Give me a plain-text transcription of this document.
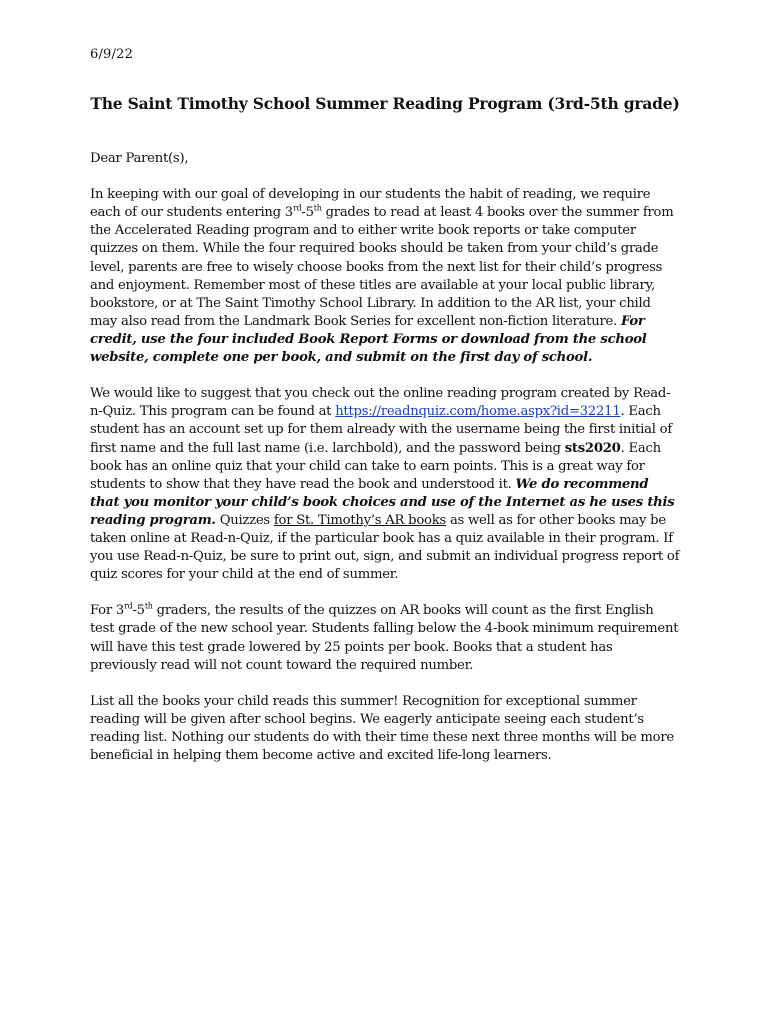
6/9/22
The Saint Timothy School Summer Reading Program (3rd-5th grade)

Dear Parent(s),

In keeping with our goal of developing in our students the habit of reading, we require each of our students entering 3rd-5th grades to read at least 4 books over the summer from the Accelerated Reading program and to either write book reports or take computer quizzes on them. While the four required books should be taken from your child’s grade level, parents are free to wisely choose books from the next list for their child’s progress and enjoyment. Remember most of these titles are available at your local public library, bookstore, or at The Saint Timothy School Library. In addition to the AR list, your child may also read from the Landmark Book Series for excellent non-fiction literature. For credit, use the four included Book Report Forms or download from the school website, complete one per book, and submit on the first day of school.

We would like to suggest that you check out the online reading program created by Read-n-Quiz. This program can be found at https://readnquiz.com/home.aspx?id=32211. Each student has an account set up for them already with the username being the first initial of first name and the full last name (i.e. larchbold), and the password being sts2020. Each book has an online quiz that your child can take to earn points. This is a great way for students to show that they have read the book and understood it. We do recommend that you monitor your child’s book choices and use of the Internet as he uses this reading program. Quizzes for St. Timothy’s AR books as well as for other books may be taken online at Read-n-Quiz, if the particular book has a quiz available in their program. If you use Read-n-Quiz, be sure to print out, sign, and submit an individual progress report of quiz scores for your child at the end of summer.

For 3rd-5th graders, the results of the quizzes on AR books will count as the first English test grade of the new school year. Students falling below the 4-book minimum requirement will have this test grade lowered by 25 points per book. Books that a student has previously read will not count toward the required number.

List all the books your child reads this summer! Recognition for exceptional summer reading will be given after school begins. We eagerly anticipate seeing each student’s reading list. Nothing our students do with their time these next three months will be more beneficial in helping them become active and excited life-long learners.
